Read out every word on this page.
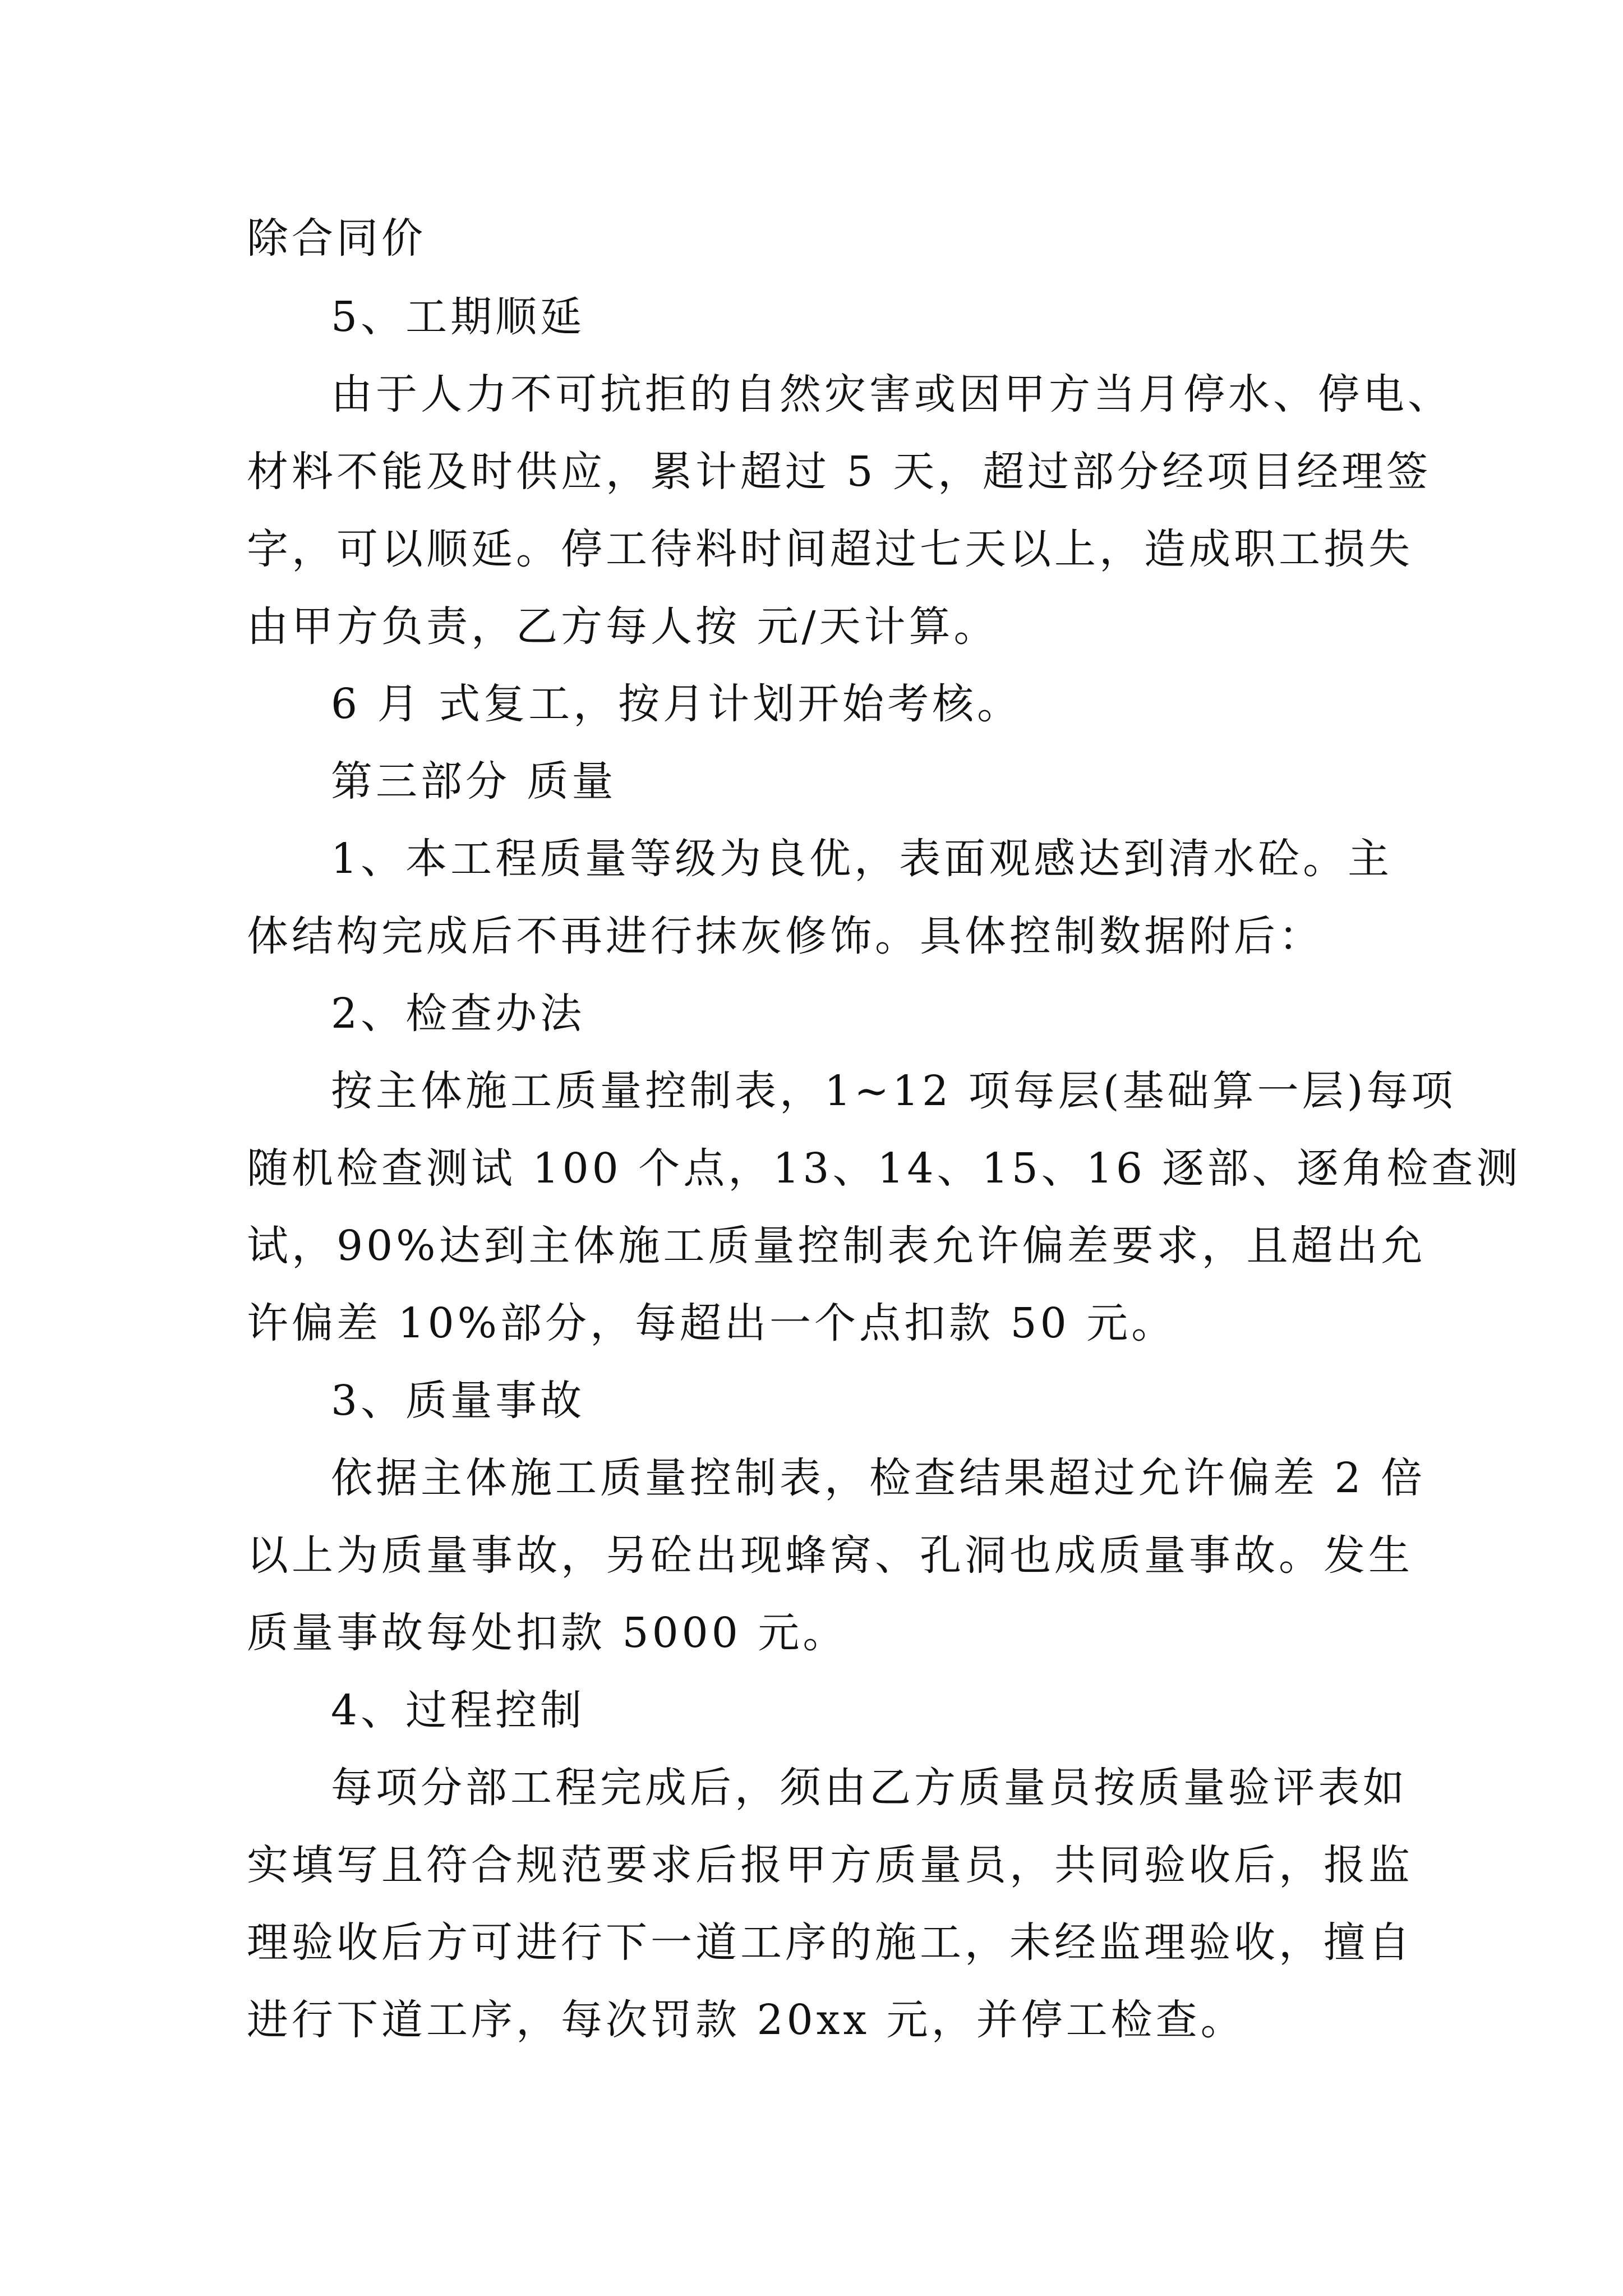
除合同价
5、工期顺延
由于人力不可抗拒的自然灾害或因甲方当月停水、停电、
材料不能及时供应，累计超过 5 天，超过部分经项目经理签
字，可以顺延。停工待料时间超过七天以上，造成职工损失
由甲方负责，乙方每人按 元/天计算。
6 月 式复工，按月计划开始考核。
第三部分 质量
1、本工程质量等级为良优，表面观感达到清水砼。主
体结构完成后不再进行抹灰修饰。具体控制数据附后：
2、检查办法
按主体施工质量控制表，1~12 项每层(基础算一层)每项
随机检查测试 100 个点，13、14、15、16 逐部、逐角检查测
试，90%达到主体施工质量控制表允许偏差要求，且超出允
许偏差 10%部分，每超出一个点扣款 50 元。
3、质量事故
依据主体施工质量控制表，检查结果超过允许偏差 2 倍
以上为质量事故，另砼出现蜂窝、孔洞也成质量事故。发生
质量事故每处扣款 5000 元。
4、过程控制
每项分部工程完成后，须由乙方质量员按质量验评表如
实填写且符合规范要求后报甲方质量员，共同验收后，报监
理验收后方可进行下一道工序的施工，未经监理验收，擅自
进行下道工序，每次罚款 20xx 元，并停工检查。
